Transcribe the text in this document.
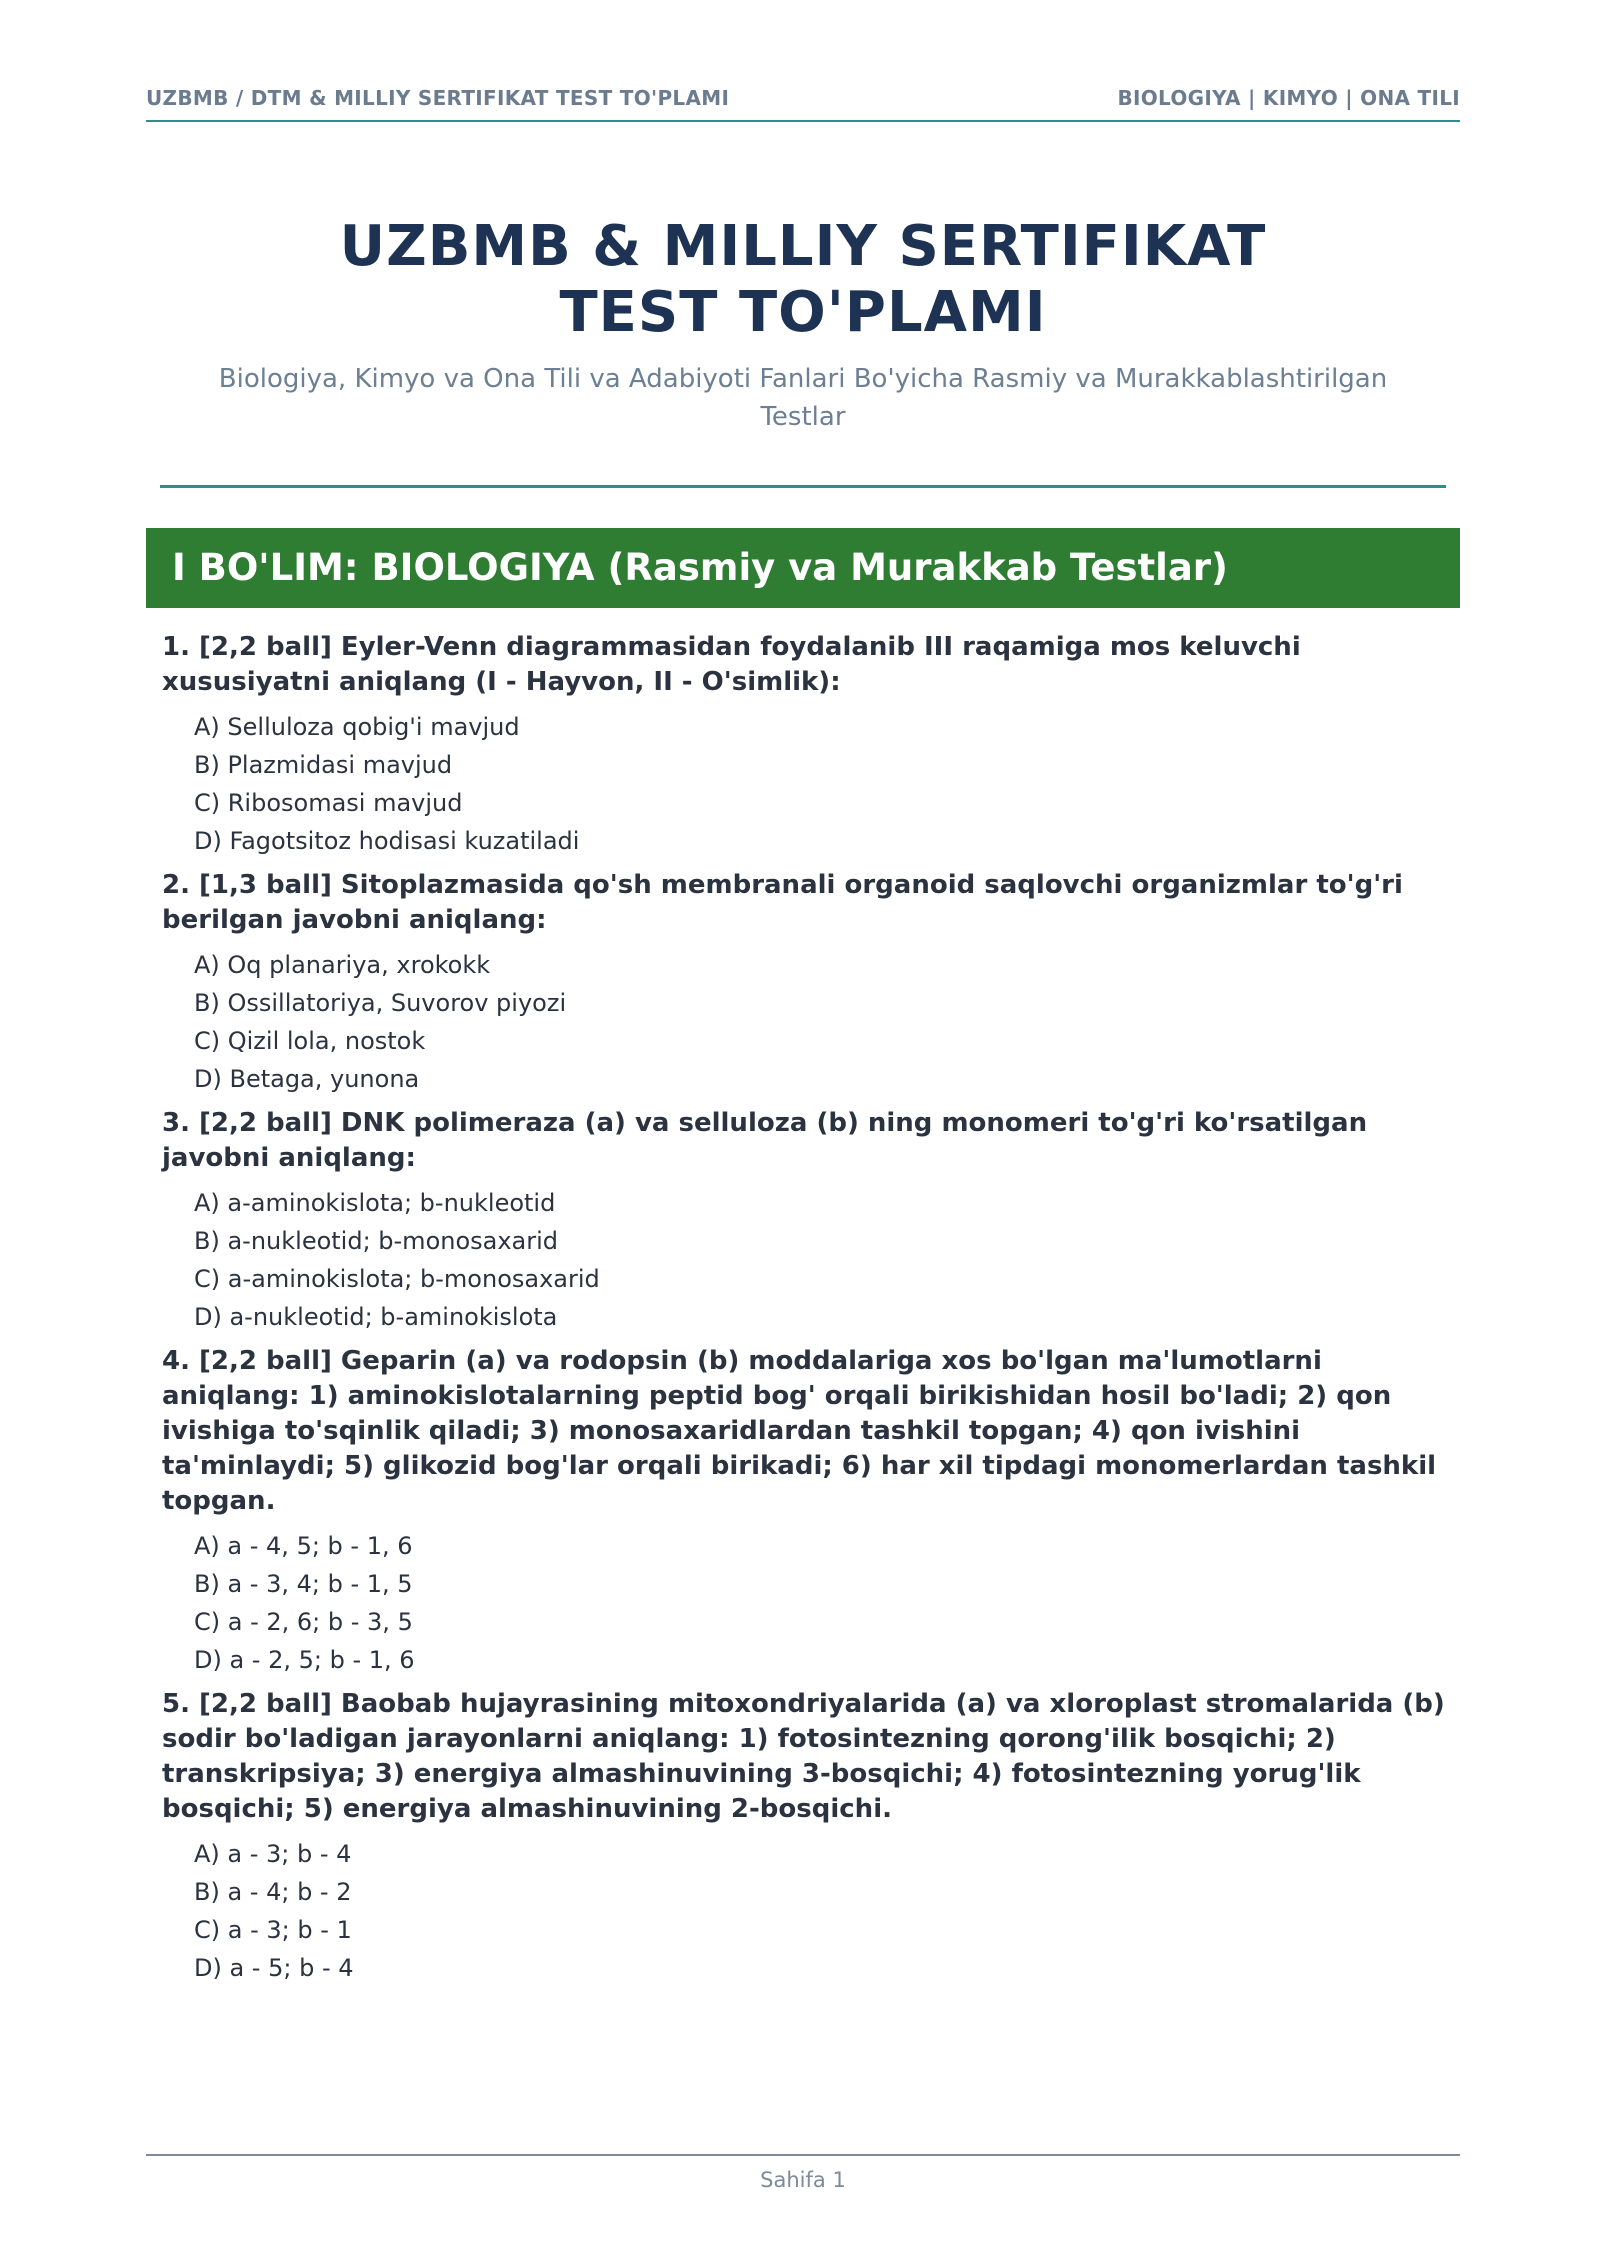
UZBMB / DTM & MILLIY SERTIFIKAT TEST TO'PLAMI	BIOLOGIYA | KIMYO | ONA TILI
UZBMB & MILLIY SERTIFIKAT TEST TO'PLAMI

Biologiya, Kimyo va Ona Tili va Adabiyoti Fanlari Bo'yicha Rasmiy va Murakkablashtirilgan Testlar

I BO'LIM: BIOLOGIYA (Rasmiy va Murakkab Testlar)

1. [2,2 ball] Eyler-Venn diagrammasidan foydalanib III raqamiga mos keluvchi xususiyatni aniqlang (I - Hayvon, II - O'simlik):

A) Selluloza qobig'i mavjud
B) Plazmidasi mavjud
C) Ribosomasi mavjud
D) Fagotsitoz hodisasi kuzatiladi

2. [1,3 ball] Sitoplazmasida qo'sh membranali organoid saqlovchi organizmlar to'g'ri berilgan javobni aniqlang:

A) Oq planariya, xrokokk
B) Ossillatoriya, Suvorov piyozi
C) Qizil lola, nostok
D) Betaga, yunona

3. [2,2 ball] DNK polimeraza (a) va selluloza (b) ning monomeri to'g'ri ko'rsatilgan javobni aniqlang:

A) a-aminokislota; b-nukleotid
B) a-nukleotid; b-monosaxarid
C) a-aminokislota; b-monosaxarid
D) a-nukleotid; b-aminokislota

4. [2,2 ball] Geparin (a) va rodopsin (b) moddalariga xos bo'lgan ma'lumotlarni aniqlang: 1) aminokislotalarning peptid bog' orqali birikishidan hosil bo'ladi; 2) qon ivishiga to'sqinlik qiladi; 3) monosaxaridlardan tashkil topgan; 4) qon ivishini ta'minlaydi; 5) glikozid bog'lar orqali birikadi; 6) har xil tipdagi monomerlardan tashkil topgan.

A) a - 4, 5; b - 1, 6
B) a - 3, 4; b - 1, 5
C) a - 2, 6; b - 3, 5
D) a - 2, 5; b - 1, 6

5. [2,2 ball] Baobab hujayrasining mitoxondriyalarida (a) va xloroplast stromalarida (b) sodir bo'ladigan jarayonlarni aniqlang: 1) fotosintezning qorong'ilik bosqichi; 2) transkripsiya; 3) energiya almashinuvining 3-bosqichi; 4) fotosintezning yorug'lik bosqichi; 5) energiya almashinuvining 2-bosqichi.

A) a - 3; b - 4
B) a - 4; b - 2
C) a - 3; b - 1
D) a - 5; b - 4
Sahifa 1
